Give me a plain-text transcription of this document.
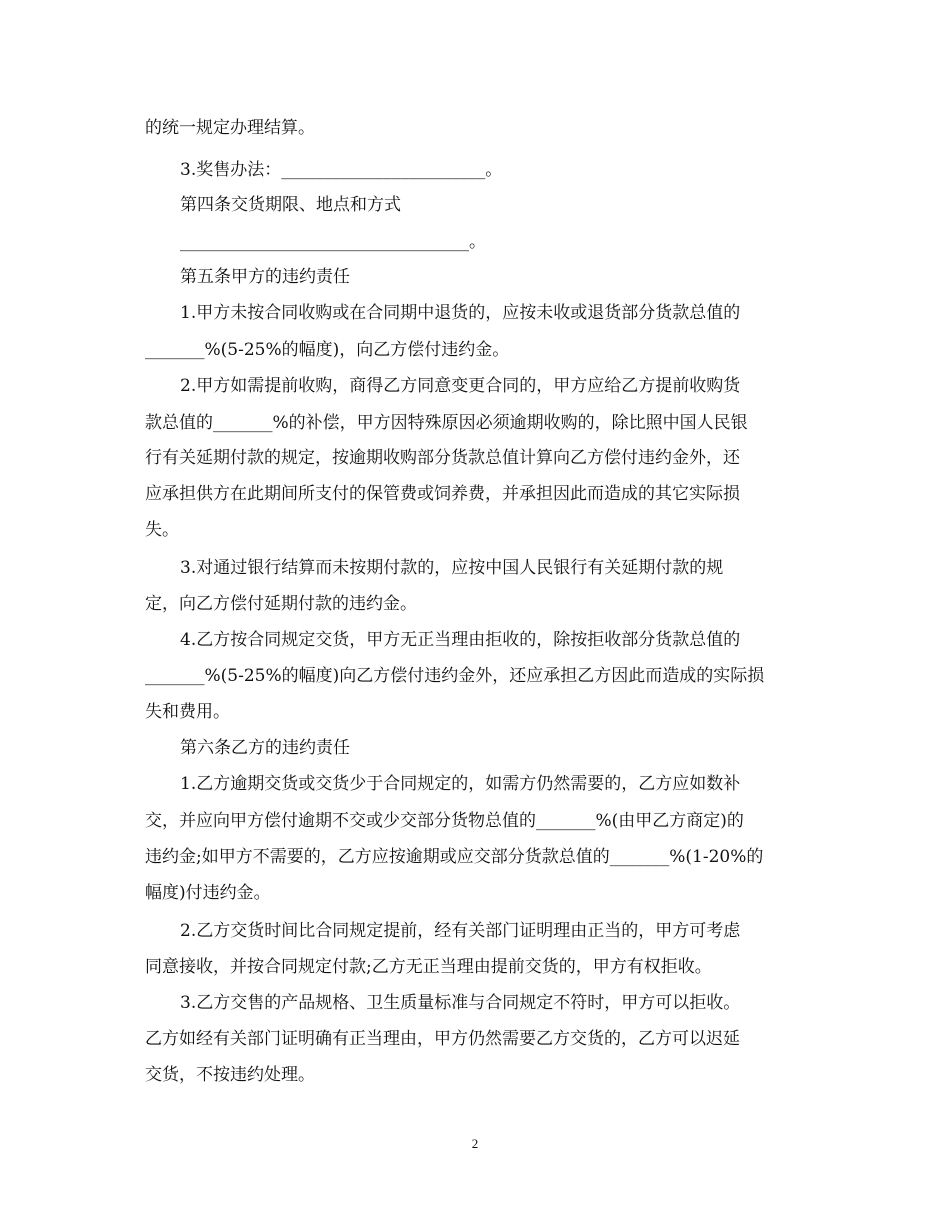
的统一规定办理结算。
3.奖售办法：________________________。
第四条交货期限、地点和方式
__________________________________。
第五条甲方的违约责任
1.甲方未按合同收购或在合同期中退货的，应按未收或退货部分货款总值的
_______%(5-25%的幅度)，向乙方偿付违约金。
2.甲方如需提前收购，商得乙方同意变更合同的，甲方应给乙方提前收购货
款总值的_______%的补偿，甲方因特殊原因必须逾期收购的，除比照中国人民银
行有关延期付款的规定，按逾期收购部分货款总值计算向乙方偿付违约金外，还
应承担供方在此期间所支付的保管费或饲养费，并承担因此而造成的其它实际损
失。
3.对通过银行结算而未按期付款的，应按中国人民银行有关延期付款的规
定，向乙方偿付延期付款的违约金。
4.乙方按合同规定交货，甲方无正当理由拒收的，除按拒收部分货款总值的
_______%(5-25%的幅度)向乙方偿付违约金外，还应承担乙方因此而造成的实际损
失和费用。
第六条乙方的违约责任
1.乙方逾期交货或交货少于合同规定的，如需方仍然需要的，乙方应如数补
交，并应向甲方偿付逾期不交或少交部分货物总值的_______%(由甲乙方商定)的
违约金;如甲方不需要的，乙方应按逾期或应交部分货款总值的_______%(1-20%的
幅度)付违约金。
2.乙方交货时间比合同规定提前，经有关部门证明理由正当的，甲方可考虑
同意接收，并按合同规定付款;乙方无正当理由提前交货的，甲方有权拒收。
3.乙方交售的产品规格、卫生质量标准与合同规定不符时，甲方可以拒收。
乙方如经有关部门证明确有正当理由，甲方仍然需要乙方交货的，乙方可以迟延
交货，不按违约处理。
2
